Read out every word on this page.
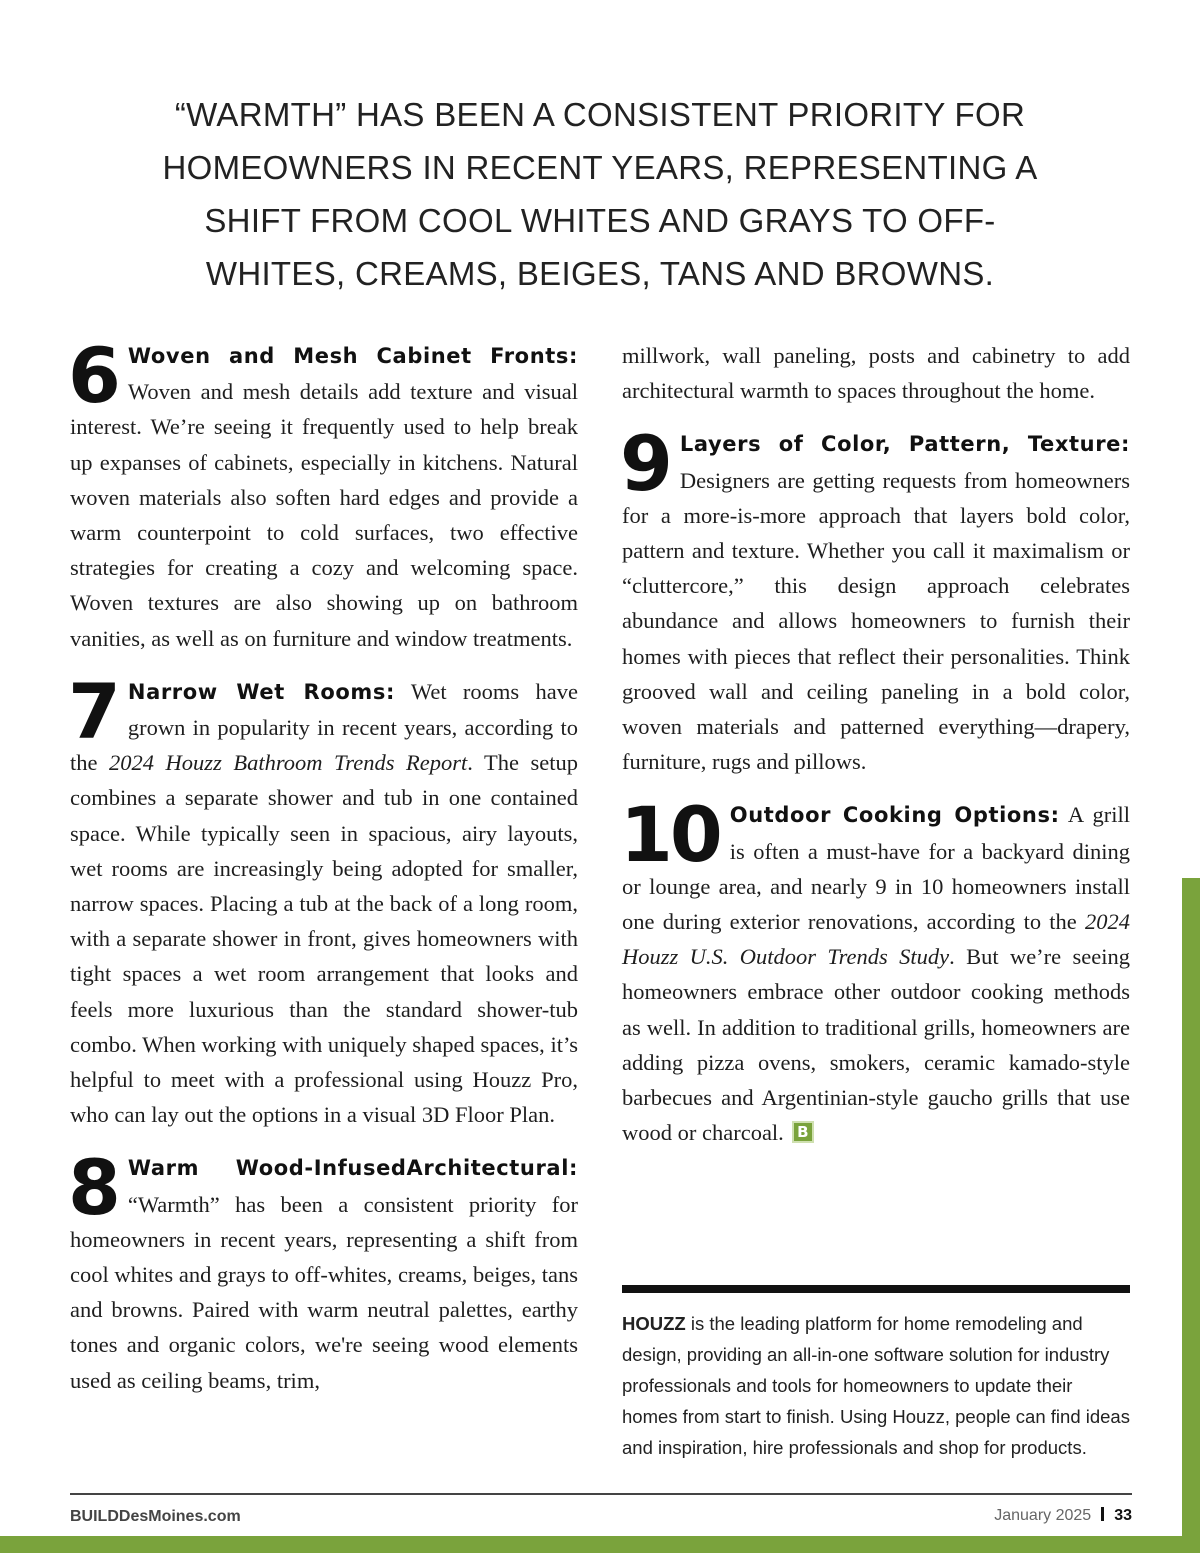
“WARMTH” HAS BEEN A CONSISTENT PRIORITY FOR HOMEOWNERS IN RECENT YEARS, REPRESENTING A SHIFT FROM COOL WHITES AND GRAYS TO OFF-WHITES, CREAMS, BEIGES, TANS AND BROWNS.

6 Woven and Mesh Cabinet Fronts: Woven and mesh details add texture and visual interest. We’re seeing it frequently used to help break up expanses of cabinets, especially in kitchens. Natural woven materials also soften hard edges and provide a warm counterpoint to cold surfaces, two effective strategies for creating a cozy and welcoming space. Woven textures are also showing up on bathroom vanities, as well as on furniture and window treatments.

7 Narrow Wet Rooms: Wet rooms have grown in popularity in recent years, according to the 2024 Houzz Bathroom Trends Report. The setup combines a separate shower and tub in one contained space. While typically seen in spacious, airy layouts, wet rooms are increasingly being adopted for smaller, narrow spaces. Placing a tub at the back of a long room, with a separate shower in front, gives homeowners with tight spaces a wet room arrangement that looks and feels more luxurious than the standard shower-tub combo. When working with uniquely shaped spaces, it’s helpful to meet with a professional using Houzz Pro, who can lay out the options in a visual 3D Floor Plan.

8 Warm Wood-InfusedArchitectural: “Warmth” has been a consistent priority for homeowners in recent years, representing a shift from cool whites and grays to off-whites, creams, beiges, tans and browns. Paired with warm neutral palettes, earthy tones and organic colors, we're seeing wood elements used as ceiling beams, trim,

millwork, wall paneling, posts and cabinetry to add architectural warmth to spaces throughout the home.

9 Layers of Color, Pattern, Texture: Designers are getting requests from homeowners for a more-is-more approach that layers bold color, pattern and texture. Whether you call it maximalism or “cluttercore,” this design approach celebrates abundance and allows homeowners to furnish their homes with pieces that reflect their personalities. Think grooved wall and ceiling paneling in a bold color, woven materials and patterned everything—drapery, furniture, rugs and pillows.

10 Outdoor Cooking Options: A grill is often a must-have for a backyard dining or lounge area, and nearly 9 in 10 homeowners install one during exterior renovations, according to the 2024 Houzz U.S. Outdoor Trends Study. But we’re seeing homeowners embrace other outdoor cooking methods as well. In addition to traditional grills, homeowners are adding pizza ovens, smokers, ceramic kamado-style barbecues and Argentinian-style gaucho grills that use wood or charcoal. B

HOUZZ is the leading platform for home remodeling and design, providing an all-in-one software solution for industry professionals and tools for homeowners to update their homes from start to finish. Using Houzz, people can find ideas and inspiration, hire professionals and shop for products.
BUILDDesMoines.com	January 2025 33
